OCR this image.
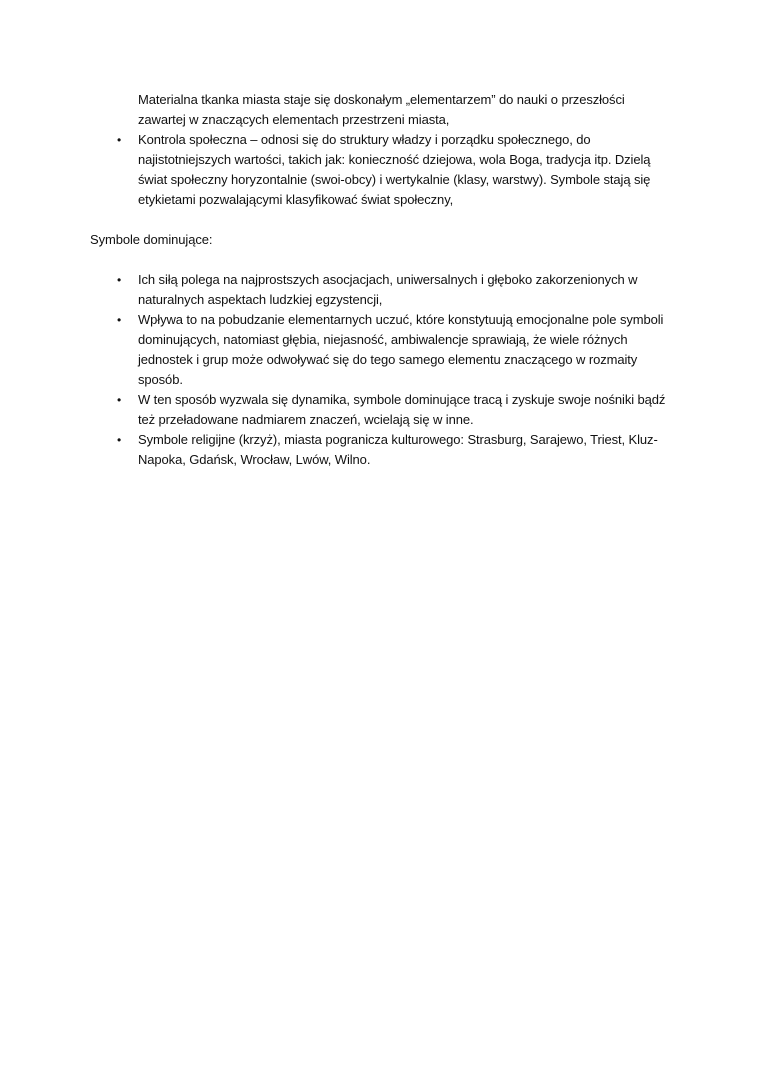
Materialna tkanka miasta staje się doskonałym „elementarzem” do nauki o przeszłości zawartej w znaczących elementach przestrzeni miasta,

• Kontrola społeczna – odnosi się do struktury władzy i porządku społecznego, do najistotniejszych wartości, takich jak: konieczność dziejowa, wola Boga, tradycja itp. Dzielą świat społeczny horyzontalnie (swoi-obcy) i wertykalnie (klasy, warstwy). Symbole stają się etykietami pozwalającymi klasyfikować świat społeczny,

Symbole dominujące:

• Ich siłą polega na najprostszych asocjacjach, uniwersalnych i głęboko zakorzenionych w naturalnych aspektach ludzkiej egzystencji,
• Wpływa to na pobudzanie elementarnych uczuć, które konstytuują emocjonalne pole symboli dominujących, natomiast głębia, niejasność, ambiwalencje sprawiają, że wiele różnych jednostek i grup może odwoływać się do tego samego elementu znaczącego w rozmaity sposób.
• W ten sposób wyzwala się dynamika, symbole dominujące tracą i zyskuje swoje nośniki bądź też przeładowane nadmiarem znaczeń, wcielają się w inne.
• Symbole religijne (krzyż), miasta pogranicza kulturowego: Strasburg, Sarajewo, Triest, Kluz-Napoka, Gdańsk, Wrocław, Lwów, Wilno.
